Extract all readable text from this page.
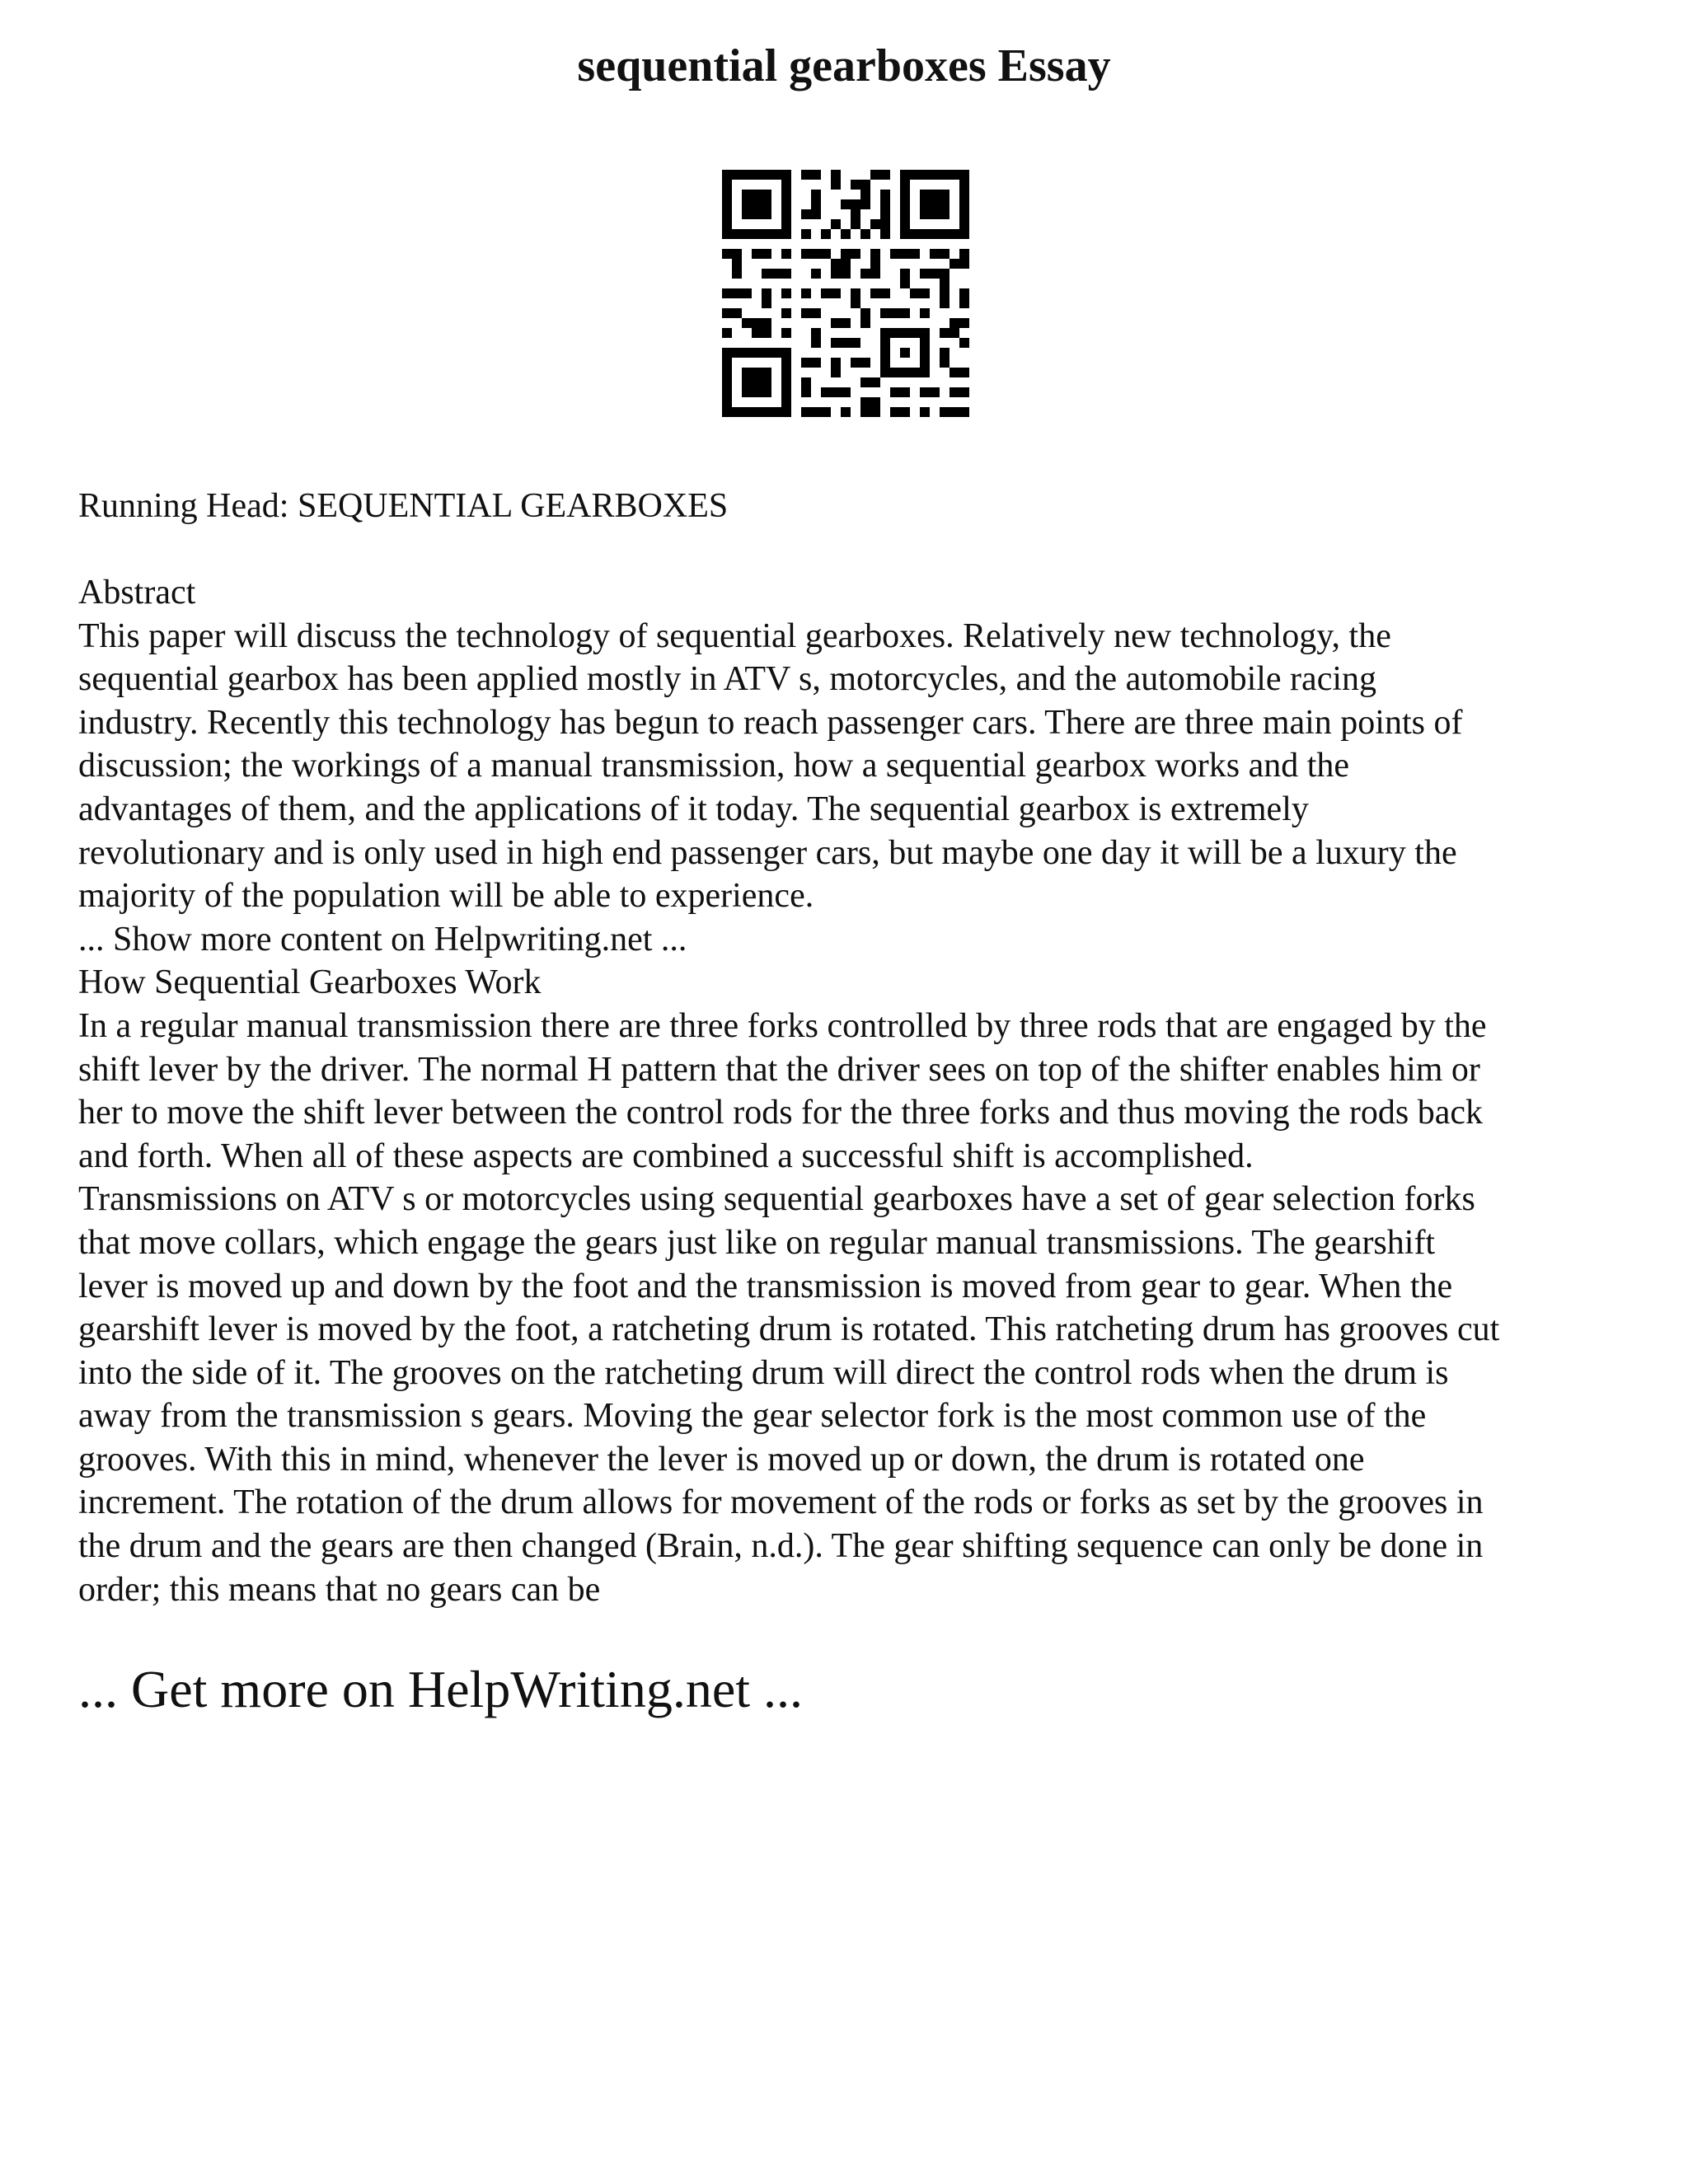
sequential gearboxes Essay

Running Head: SEQUENTIAL GEARBOXES

Abstract
This paper will discuss the technology of sequential gearboxes. Relatively new technology, the
sequential gearbox has been applied mostly in ATV s, motorcycles, and the automobile racing
industry. Recently this technology has begun to reach passenger cars. There are three main points of
discussion; the workings of a manual transmission, how a sequential gearbox works and the
advantages of them, and the applications of it today. The sequential gearbox is extremely
revolutionary and is only used in high end passenger cars, but maybe one day it will be a luxury the
majority of the population will be able to experience.
... Show more content on Helpwriting.net ...
How Sequential Gearboxes Work
In a regular manual transmission there are three forks controlled by three rods that are engaged by the
shift lever by the driver. The normal H pattern that the driver sees on top of the shifter enables him or
her to move the shift lever between the control rods for the three forks and thus moving the rods back
and forth. When all of these aspects are combined a successful shift is accomplished.
Transmissions on ATV s or motorcycles using sequential gearboxes have a set of gear selection forks
that move collars, which engage the gears just like on regular manual transmissions. The gearshift
lever is moved up and down by the foot and the transmission is moved from gear to gear. When the
gearshift lever is moved by the foot, a ratcheting drum is rotated. This ratcheting drum has grooves cut
into the side of it. The grooves on the ratcheting drum will direct the control rods when the drum is
away from the transmission s gears. Moving the gear selector fork is the most common use of the
grooves. With this in mind, whenever the lever is moved up or down, the drum is rotated one
increment. The rotation of the drum allows for movement of the rods or forks as set by the grooves in
the drum and the gears are then changed (Brain, n.d.). The gear shifting sequence can only be done in
order; this means that no gears can be

... Get more on HelpWriting.net ...
